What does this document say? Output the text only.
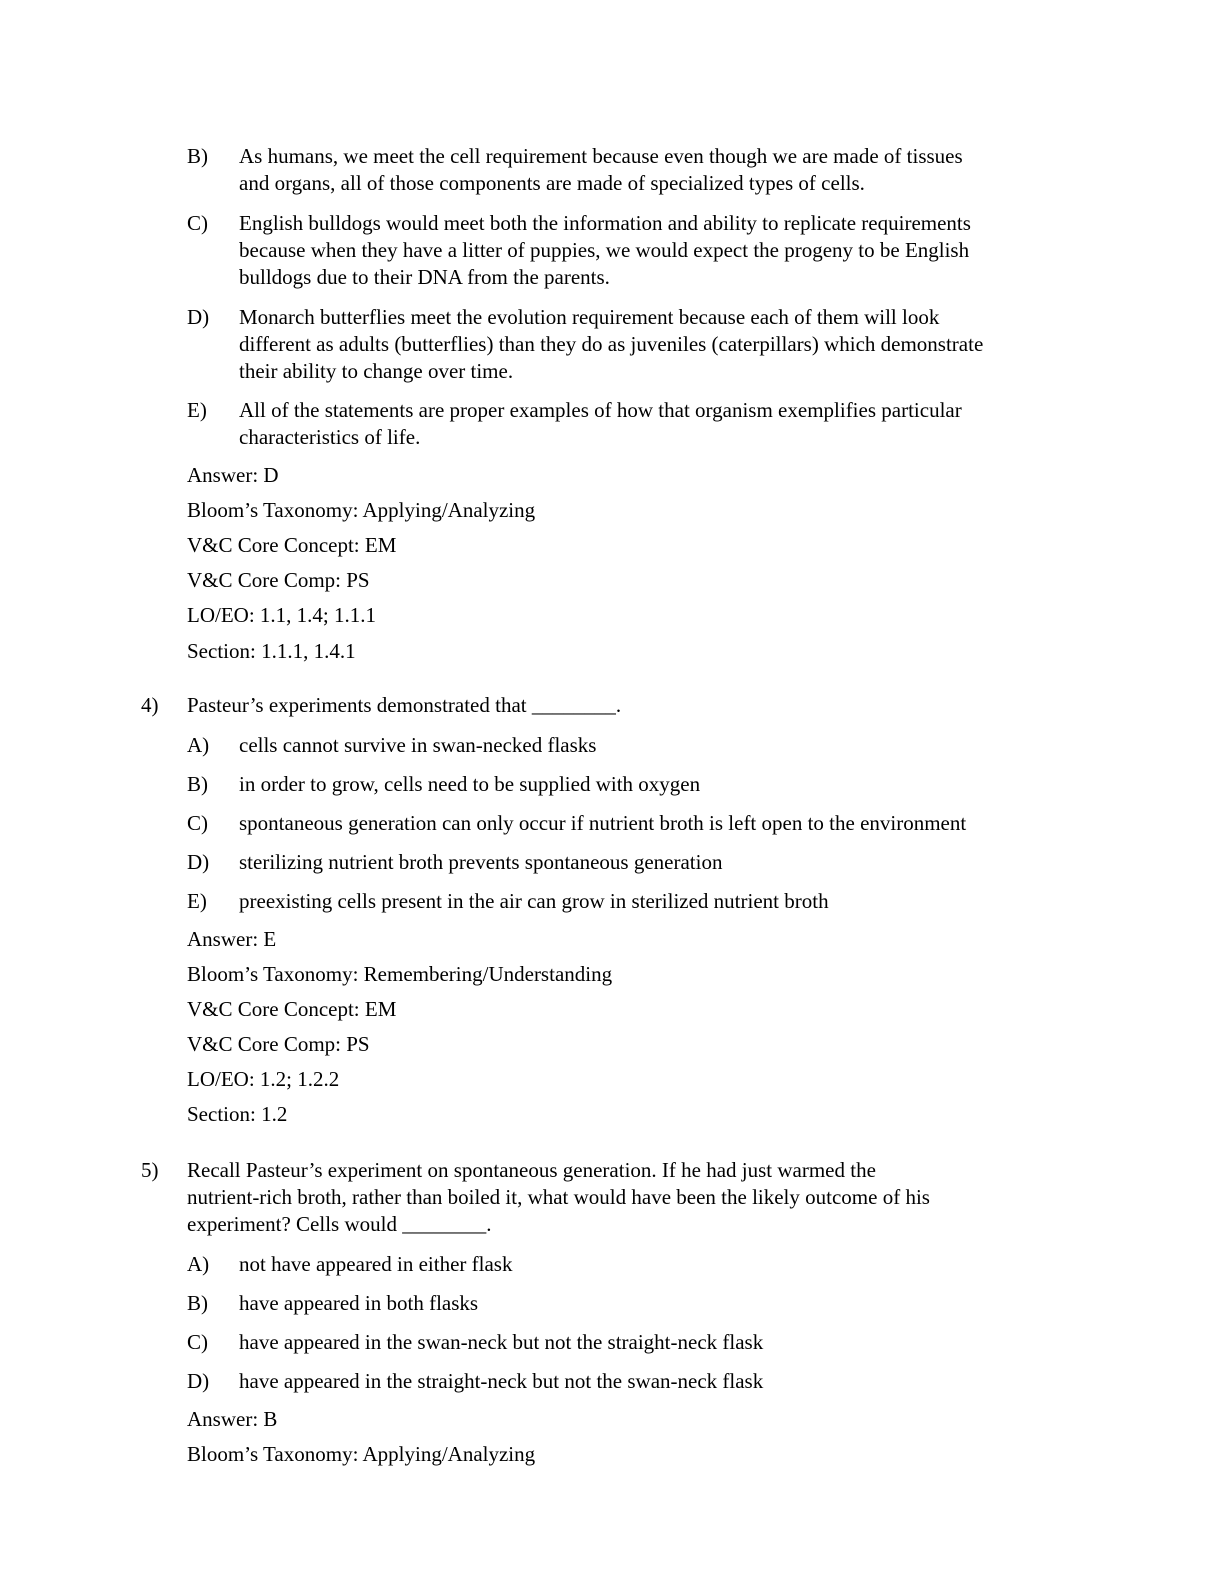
B)	As humans, we meet the cell requirement because even though we are made of tissues
and organs, all of those components are made of specialized types of cells.
C)	English bulldogs would meet both the information and ability to replicate requirements
because when they have a litter of puppies, we would expect the progeny to be English
bulldogs due to their DNA from the parents.
D)	Monarch butterflies meet the evolution requirement because each of them will look
different as adults (butterflies) than they do as juveniles (caterpillars) which demonstrate
their ability to change over time.
E)	All of the statements are proper examples of how that organism exemplifies particular
characteristics of life.
Answer: D
Bloom’s Taxonomy: Applying/Analyzing
V&C Core Concept: EM
V&C Core Comp: PS
LO/EO: 1.1, 1.4; 1.1.1
Section: 1.1.1, 1.4.1
4)	Pasteur’s experiments demonstrated that ________.
A)	cells cannot survive in swan-necked flasks
B)	in order to grow, cells need to be supplied with oxygen
C)	spontaneous generation can only occur if nutrient broth is left open to the environment
D)	sterilizing nutrient broth prevents spontaneous generation
E)	preexisting cells present in the air can grow in sterilized nutrient broth
Answer: E
Bloom’s Taxonomy: Remembering/Understanding
V&C Core Concept: EM
V&C Core Comp: PS
LO/EO: 1.2; 1.2.2
Section: 1.2
5)	Recall Pasteur’s experiment on spontaneous generation. If he had just warmed the
nutrient-rich broth, rather than boiled it, what would have been the likely outcome of his
experiment? Cells would ________.
A)	not have appeared in either flask
B)	have appeared in both flasks
C)	have appeared in the swan-neck but not the straight-neck flask
D)	have appeared in the straight-neck but not the swan-neck flask
Answer: B
Bloom’s Taxonomy: Applying/Analyzing
